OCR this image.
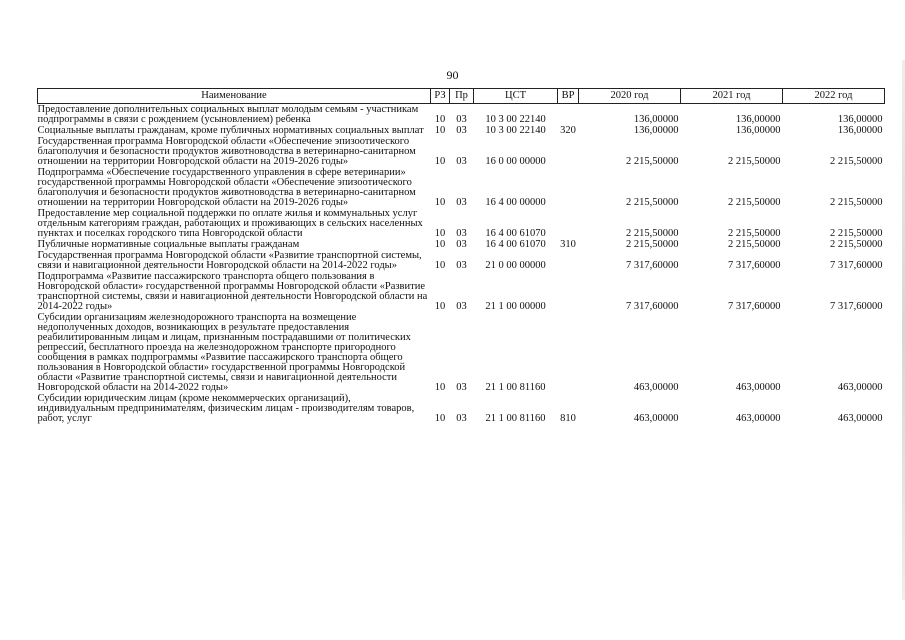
90
Наименование	РЗ	Пр	ЦСТ	ВР	2020 год	2021 год	2022 год
Предоставление дополнительных социальных выплат молодым семьям - участникам подпрограммы в связи с рождением (усыновлением) ребенка	10	03	10 3 00 22140		136,00000	136,00000	136,00000
Социальные выплаты гражданам, кроме публичных нормативных социальных выплат	10	03	10 3 00 22140	320	136,00000	136,00000	136,00000
Государственная программа Новгородской области «Обеспечение эпизоотического благополучия и безопасности продуктов животноводства в ветеринарно-санитарном отношении на территории Новгородской области на 2019-2026 годы»	10	03	16 0 00 00000		2 215,50000	2 215,50000	2 215,50000
Подпрограмма «Обеспечение государственного управления в сфере ветеринарии» государственной программы Новгородской области «Обеспечение эпизоотического благополучия и безопасности продуктов животноводства в ветеринарно-санитарном отношении на территории Новгородской области на 2019-2026 годы»	10	03	16 4 00 00000		2 215,50000	2 215,50000	2 215,50000
Предоставление мер социальной поддержки по оплате жилья и коммунальных услуг отдельным категориям граждан, работающих и проживающих в сельских населенных пунктах и поселках городского типа Новгородской области	10	03	16 4 00 61070		2 215,50000	2 215,50000	2 215,50000
Публичные нормативные социальные выплаты гражданам	10	03	16 4 00 61070	310	2 215,50000	2 215,50000	2 215,50000
Государственная программа Новгородской области «Развитие транспортной системы, связи и навигационной деятельности Новгородской области на 2014-2022 годы»	10	03	21 0 00 00000		7 317,60000	7 317,60000	7 317,60000
Подпрограмма «Развитие пассажирского транспорта общего пользования в Новгородской области» государственной программы Новгородской области «Развитие транспортной системы, связи и навигационной деятельности Новгородской области на 2014-2022 годы»	10	03	21 1 00 00000		7 317,60000	7 317,60000	7 317,60000
Субсидии организациям железнодорожного транспорта на возмещение недополученных доходов, возникающих в результате предоставления реабилитированным лицам и лицам, признанным пострадавшими от политических репрессий, бесплатного проезда на железнодорожном транспорте пригородного сообщения в рамках подпрограммы «Развитие пассажирского транспорта общего пользования в Новгородской области» государственной программы Новгородской области «Развитие транспортной системы, связи и навигационной деятельности Новгородской области на 2014-2022 годы»	10	03	21 1 00 81160		463,00000	463,00000	463,00000
Субсидии юридическим лицам (кроме некоммерческих организаций), индивидуальным предпринимателям, физическим лицам - производителям товаров, работ, услуг	10	03	21 1 00 81160	810	463,00000	463,00000	463,00000
